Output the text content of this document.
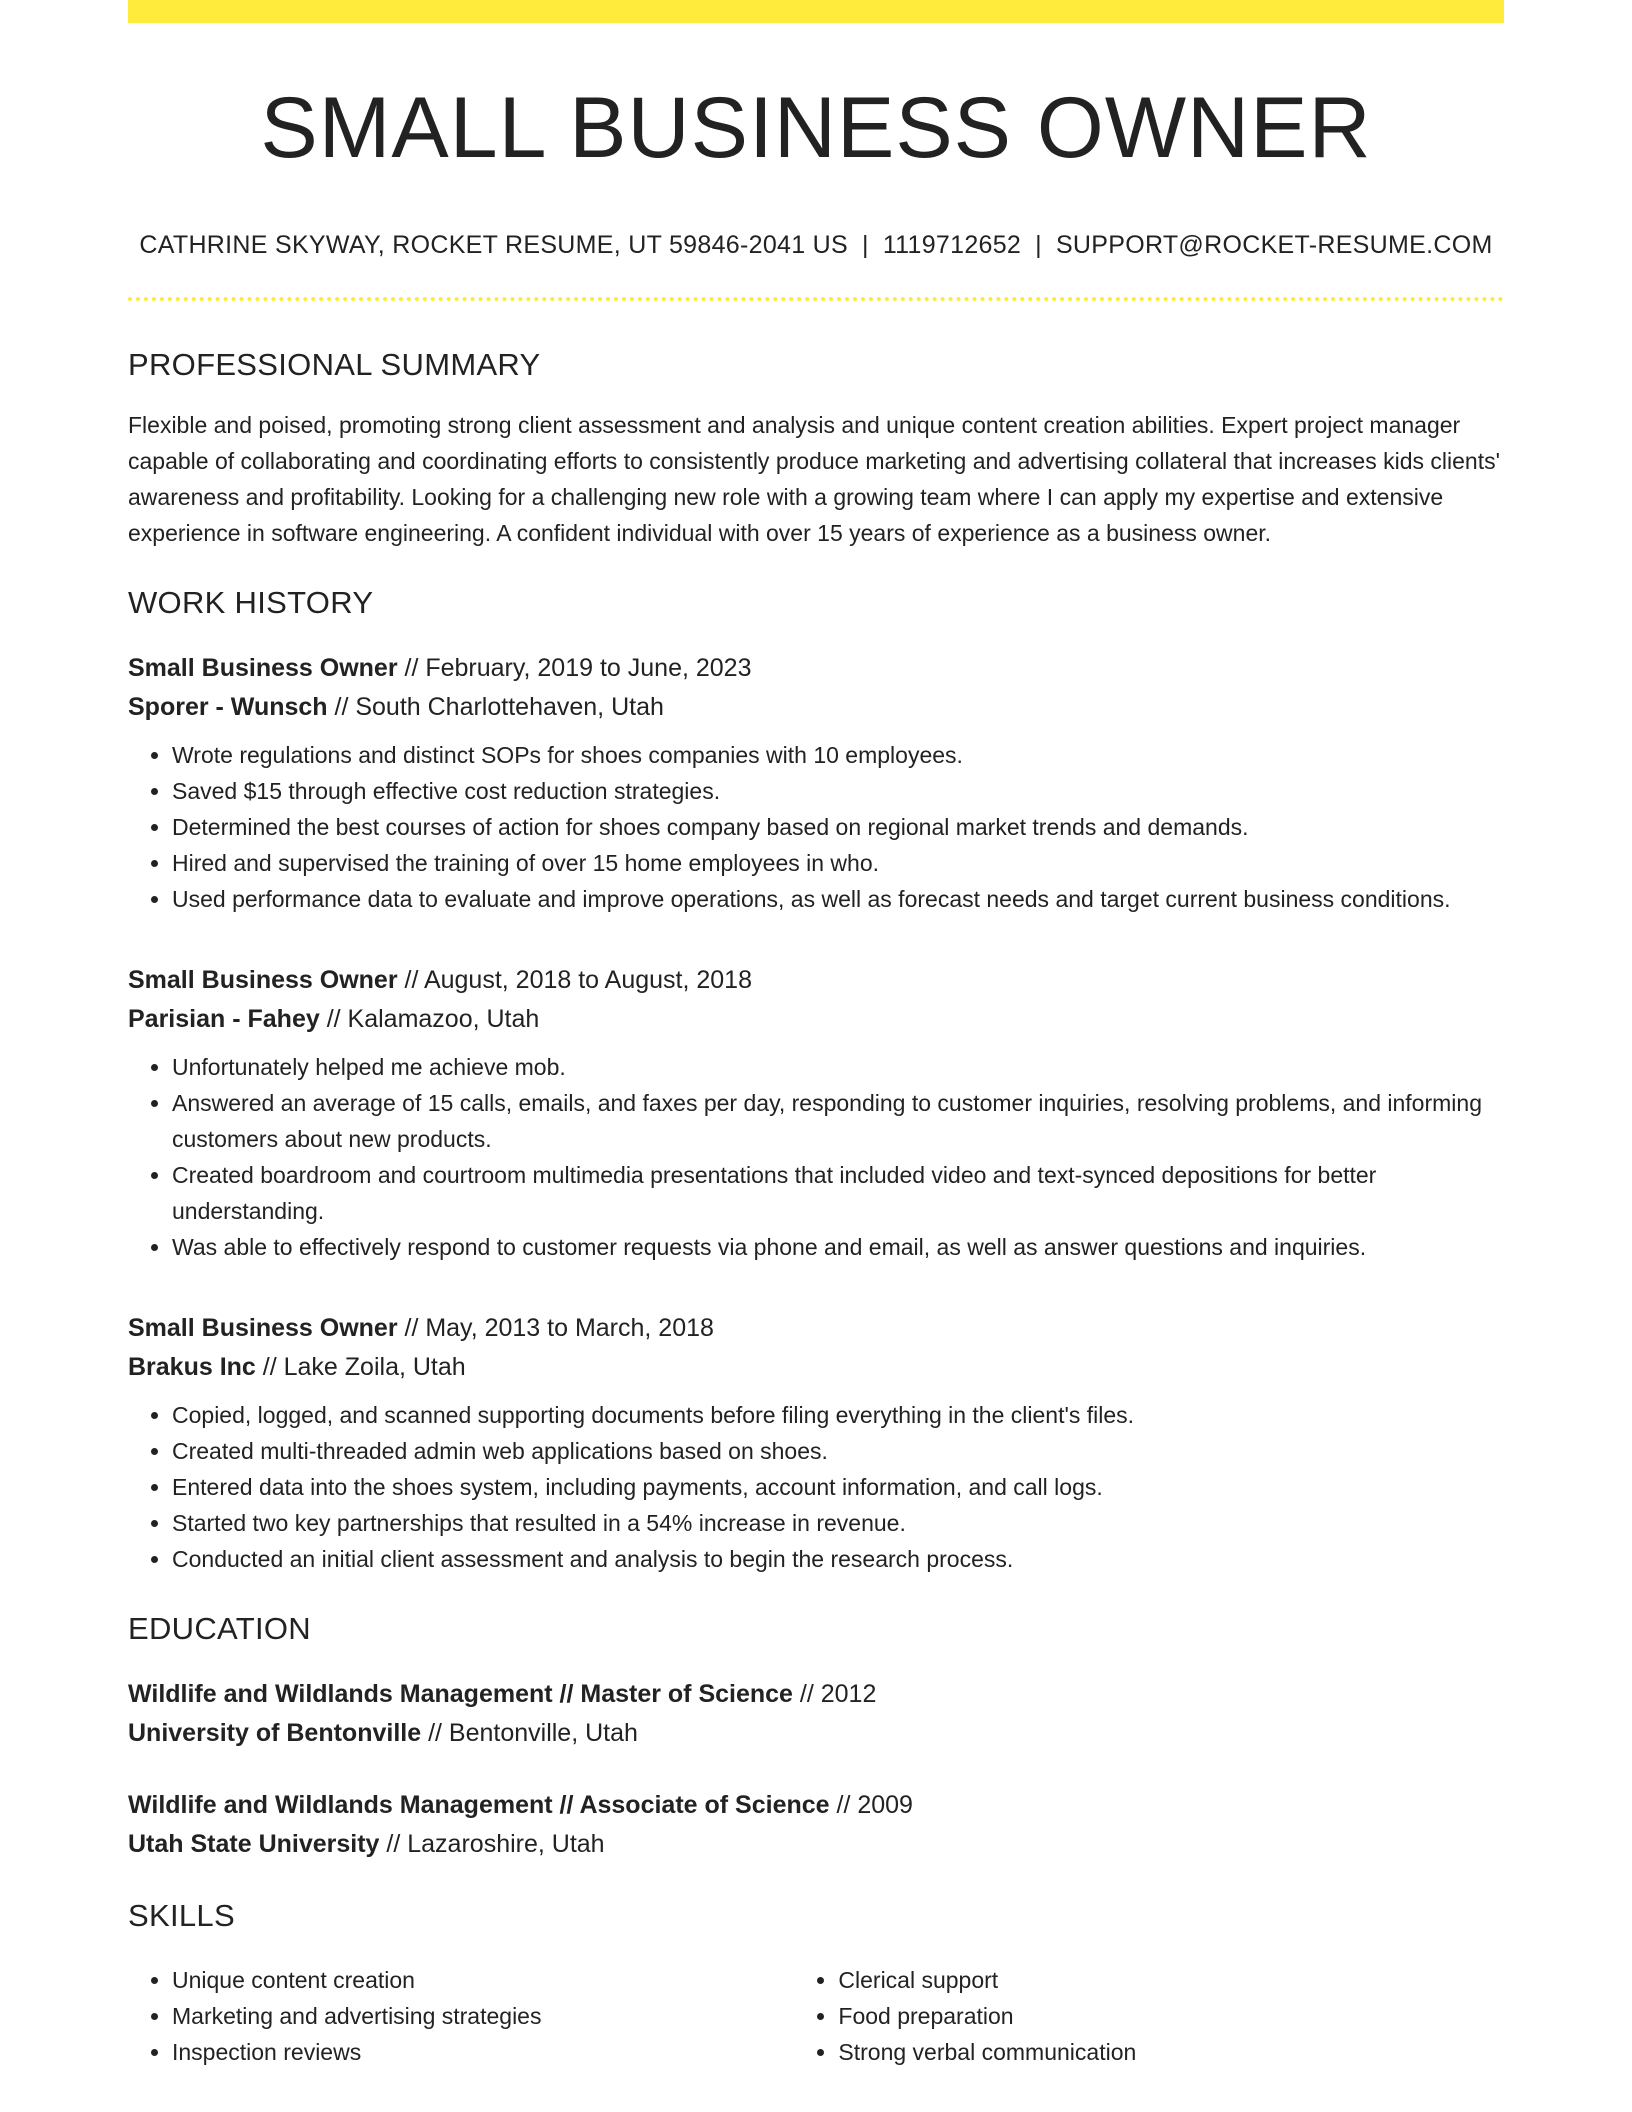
SMALL BUSINESS OWNER
CATHRINE SKYWAY, ROCKET RESUME, UT 59846-2041 US | 1119712652 | SUPPORT@ROCKET-RESUME.COM
PROFESSIONAL SUMMARY
Flexible and poised, promoting strong client assessment and analysis and unique content creation abilities. Expert project manager capable of collaborating and coordinating efforts to consistently produce marketing and advertising collateral that increases kids clients' awareness and profitability. Looking for a challenging new role with a growing team where I can apply my expertise and extensive experience in software engineering. A confident individual with over 15 years of experience as a business owner.
WORK HISTORY
Small Business Owner // February, 2019 to June, 2023
Sporer - Wunsch // South Charlottehaven, Utah
• Wrote regulations and distinct SOPs for shoes companies with 10 employees.
• Saved $15 through effective cost reduction strategies.
• Determined the best courses of action for shoes company based on regional market trends and demands.
• Hired and supervised the training of over 15 home employees in who.
• Used performance data to evaluate and improve operations, as well as forecast needs and target current business conditions.
Small Business Owner // August, 2018 to August, 2018
Parisian - Fahey // Kalamazoo, Utah
• Unfortunately helped me achieve mob.
• Answered an average of 15 calls, emails, and faxes per day, responding to customer inquiries, resolving problems, and informing customers about new products.
• Created boardroom and courtroom multimedia presentations that included video and text-synced depositions for better understanding.
• Was able to effectively respond to customer requests via phone and email, as well as answer questions and inquiries.
Small Business Owner // May, 2013 to March, 2018
Brakus Inc // Lake Zoila, Utah
• Copied, logged, and scanned supporting documents before filing everything in the client's files.
• Created multi-threaded admin web applications based on shoes.
• Entered data into the shoes system, including payments, account information, and call logs.
• Started two key partnerships that resulted in a 54% increase in revenue.
• Conducted an initial client assessment and analysis to begin the research process.
EDUCATION
Wildlife and Wildlands Management // Master of Science // 2012
University of Bentonville // Bentonville, Utah
Wildlife and Wildlands Management // Associate of Science // 2009
Utah State University // Lazaroshire, Utah
SKILLS
• Unique content creation
• Marketing and advertising strategies
• Inspection reviews
• Clerical support
• Food preparation
• Strong verbal communication
